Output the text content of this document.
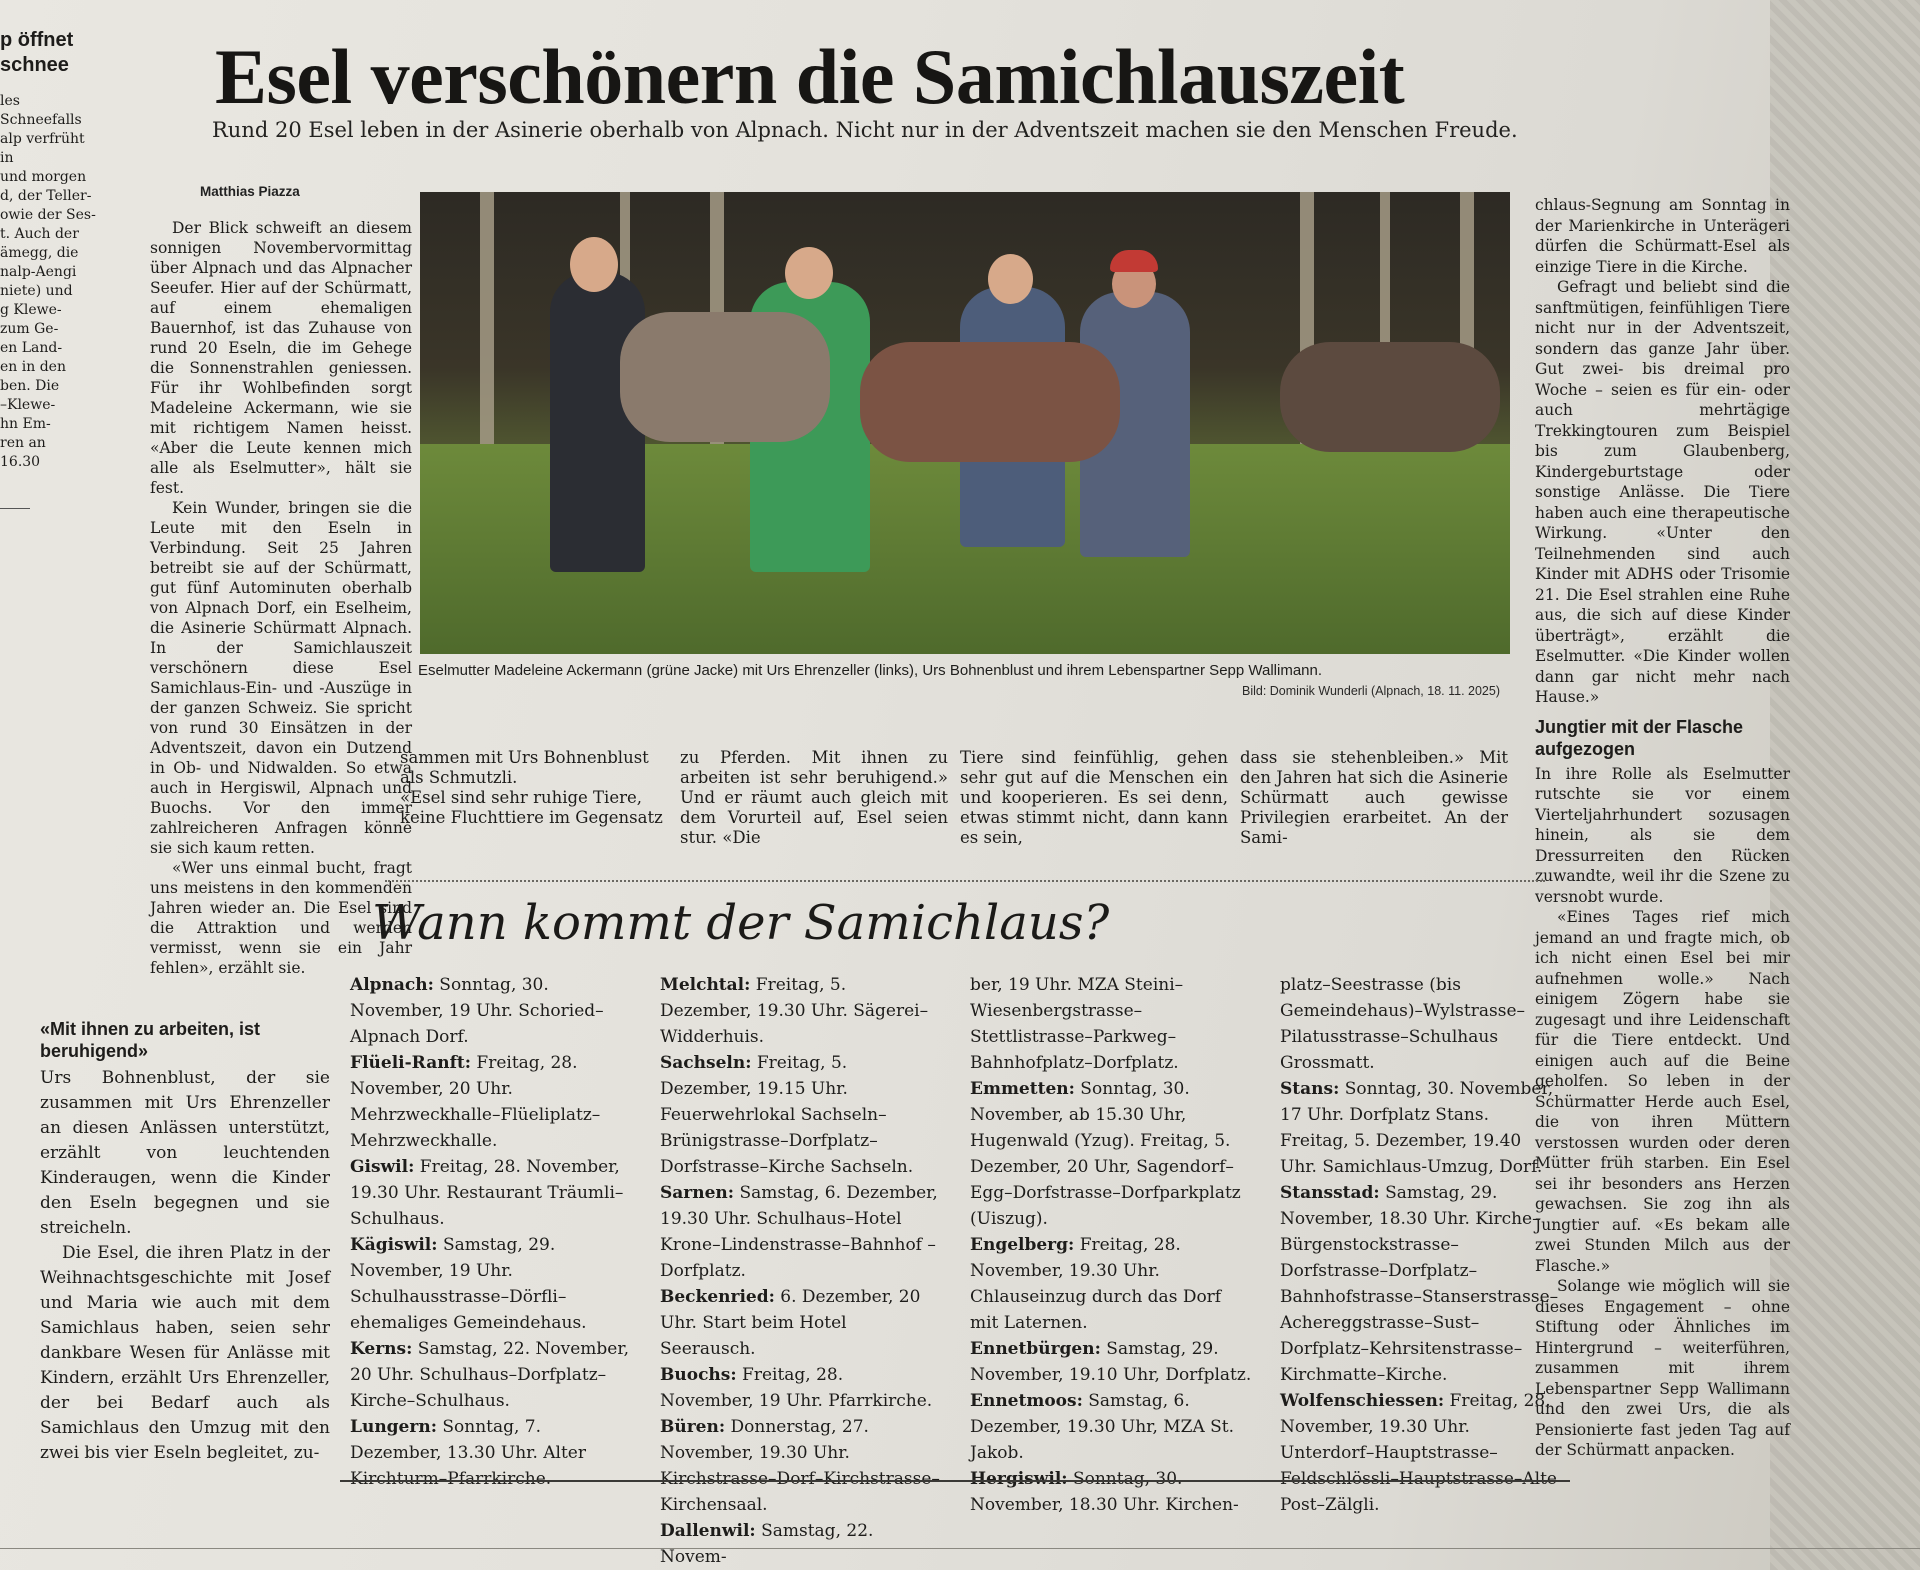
p öffnet
schnee
les Schneefalls
alp verfrüht in
und morgen
d, der Teller-
owie der Ses-
t. Auch der
ämegg, die
nalp-Aengi
niete) und
g Klewe-
zum Ge-
en Land-
en in den
ben. Die
–Klewe-
hn Em-
ren an
16.30
Esel verschönern die Samichlauszeit
Rund 20 Esel leben in der Asinerie oberhalb von Alpnach. Nicht nur in der Adventszeit machen sie den Menschen Freude.
Matthias Piazza

Der Blick schweift an diesem sonnigen Novembervormittag über Alpnach und das Alpnacher Seeufer. Hier auf der Schürmatt, auf einem ehemaligen Bauernhof, ist das Zuhause von rund 20 Eseln, die im Gehege die Sonnenstrahlen geniessen. Für ihr Wohlbefinden sorgt Madeleine Ackermann, wie sie mit richtigem Namen heisst. «Aber die Leute kennen mich alle als Eselmutter», hält sie fest.

Kein Wunder, bringen sie die Leute mit den Eseln in Verbindung. Seit 25 Jahren betreibt sie auf der Schürmatt, gut fünf Autominuten oberhalb von Alpnach Dorf, ein Eselheim, die Asinerie Schürmatt Alpnach. In der Samichlauszeit verschönern diese Esel Samichlaus-Ein- und -Auszüge in der ganzen Schweiz. Sie spricht von rund 30 Einsätzen in der Adventszeit, davon ein Dutzend in Ob- und Nidwalden. So etwa auch in Hergiswil, Alpnach und Buochs. Vor den immer zahlreicheren Anfragen könne sie sich kaum retten.

«Wer uns einmal bucht, fragt uns meistens in den kommenden Jahren wieder an. Die Esel sind die Attraktion und werden vermisst, wenn sie ein Jahr fehlen», erzählt sie.

Eselmutter Madeleine Ackermann (grüne Jacke) mit Urs Ehrenzeller (links), Urs Bohnenblust und ihrem Lebenspartner Sepp Wallimann.
Bild: Dominik Wunderli (Alpnach, 18. 11. 2025)

sammen mit Urs Bohnenblust als Schmutzli.
«Esel sind sehr ruhige Tiere, keine Fluchttiere im Gegensatz

zu Pferden. Mit ihnen zu arbeiten ist sehr beruhigend.» Und er räumt auch gleich mit dem Vorurteil auf, Esel seien stur. «Die

Tiere sind feinfühlig, gehen sehr gut auf die Menschen ein und kooperieren. Es sei denn, etwas stimmt nicht, dann kann es sein,

dass sie stehenbleiben.» Mit den Jahren hat sich die Asinerie Schürmatt auch gewisse Privilegien erarbeitet. An der Sami-

chlaus-Segnung am Sonntag in der Marienkirche in Unterägeri dürfen die Schürmatt-Esel als einzige Tiere in die Kirche.

Gefragt und beliebt sind die sanftmütigen, feinfühligen Tiere nicht nur in der Adventszeit, sondern das ganze Jahr über. Gut zwei- bis dreimal pro Woche – seien es für ein- oder auch mehrtägige Trekkingtouren zum Beispiel bis zum Glaubenberg, Kindergeburtstage oder sonstige Anlässe. Die Tiere haben auch eine therapeutische Wirkung. «Unter den Teilnehmenden sind auch Kinder mit ADHS oder Trisomie 21. Die Esel strahlen eine Ruhe aus, die sich auf diese Kinder überträgt», erzählt die Eselmutter. «Die Kinder wollen dann gar nicht mehr nach Hause.»

Jungtier mit der Flasche aufgezogen

In ihre Rolle als Eselmutter rutschte sie vor einem Vierteljahrhundert sozusagen hinein, als sie dem Dressurreiten den Rücken zuwandte, weil ihr die Szene zu versnobt wurde.

«Eines Tages rief mich jemand an und fragte mich, ob ich nicht einen Esel bei mir aufnehmen wolle.» Nach einigem Zögern habe sie zugesagt und ihre Leidenschaft für die Tiere entdeckt. Und einigen auch auf die Beine geholfen. So leben in der Schürmatter Herde auch Esel, die von ihren Müttern verstossen wurden oder deren Mütter früh starben. Ein Esel sei ihr besonders ans Herzen gewachsen. Sie zog ihn als Jungtier auf. «Es bekam alle zwei Stunden Milch aus der Flasche.»

Solange wie möglich will sie dieses Engagement – ohne Stiftung oder Ähnliches im Hintergrund – weiterführen, zusammen mit ihrem Lebenspartner Sepp Wallimann und den zwei Urs, die als Pensionierte fast jeden Tag auf der Schürmatt anpacken.

Wann kommt der Samichlaus?
«Mit ihnen zu arbeiten, ist beruhigend»

Urs Bohnenblust, der sie zusammen mit Urs Ehrenzeller an diesen Anlässen unterstützt, erzählt von leuchtenden Kinderaugen, wenn die Kinder den Eseln begegnen und sie streicheln.

Die Esel, die ihren Platz in der Weihnachtsgeschichte mit Josef und Maria wie auch mit dem Samichlaus haben, seien sehr dankbare Wesen für Anlässe mit Kindern, erzählt Urs Ehrenzeller, der bei Bedarf auch als Samichlaus den Umzug mit den zwei bis vier Eseln begleitet, zu-

Alpnach: Sonntag, 30. November, 19 Uhr. Schoried–Alpnach Dorf.

Flüeli-Ranft: Freitag, 28. November, 20 Uhr. Mehrzweckhalle–Flüeliplatz–Mehrzweckhalle.

Giswil: Freitag, 28. November, 19.30 Uhr. Restaurant Träumli–Schulhaus.

Kägiswil: Samstag, 29. November, 19 Uhr. Schulhausstrasse–Dörfli–ehemaliges Gemeindehaus.

Kerns: Samstag, 22. November, 20 Uhr. Schulhaus–Dorfplatz–Kirche–Schulhaus.

Lungern: Sonntag, 7. Dezember, 13.30 Uhr. Alter Kirchturm–Pfarrkirche.

Melchtal: Freitag, 5. Dezember, 19.30 Uhr. Sägerei– Widderhuis.

Sachseln: Freitag, 5. Dezember, 19.15 Uhr. Feuerwehrlokal Sachseln–Brünigstrasse–Dorfplatz–Dorfstrasse–Kirche Sachseln.

Sarnen: Samstag, 6. Dezember, 19.30 Uhr. Schulhaus–Hotel Krone–Lindenstrasse–Bahnhof –Dorfplatz.

Beckenried: 6. Dezember, 20 Uhr. Start beim Hotel Seerausch.

Buochs: Freitag, 28. November, 19 Uhr. Pfarrkirche.

Büren: Donnerstag, 27. November, 19.30 Uhr. Kirchstrasse–Dorf–Kirchstrasse–Kirchensaal.

Dallenwil: Samstag, 22. Novem-

ber, 19 Uhr. MZA Steini–Wiesenbergstrasse–Stettlistrasse–Parkweg–Bahnhofplatz–Dorfplatz.

Emmetten: Sonntag, 30. November, ab 15.30 Uhr, Hugenwald (Yzug). Freitag, 5. Dezember, 20 Uhr, Sagendorf–Egg–Dorfstrasse–Dorfparkplatz (Uiszug).

Engelberg: Freitag, 28. November, 19.30 Uhr. Chlauseinzug durch das Dorf mit Laternen.

Ennetbürgen: Samstag, 29. November, 19.10 Uhr, Dorfplatz.

Ennetmoos: Samstag, 6. Dezember, 19.30 Uhr, MZA St. Jakob.

Hergiswil: Sonntag, 30. November, 18.30 Uhr. Kirchen-

platz–Seestrasse (bis Gemeindehaus)–Wylstrasse–Pilatusstrasse–Schulhaus Grossmatt.

Stans: Sonntag, 30. November, 17 Uhr. Dorfplatz Stans. Freitag, 5. Dezember, 19.40 Uhr. Samichlaus-Umzug, Dorf.

Stansstad: Samstag, 29. November, 18.30 Uhr. Kirche–Bürgenstockstrasse–Dorfstrasse–Dorfplatz–Bahnhofstrasse–Stanserstrasse–Achereggstrasse–Sust–Dorfplatz–Kehrsitenstrasse–Kirchmatte–Kirche.

Wolfenschiessen: Freitag, 28. November, 19.30 Uhr. Unterdorf–Hauptstrasse–Feldschlössli–Hauptstrasse–Alte Post–Zälgli.
